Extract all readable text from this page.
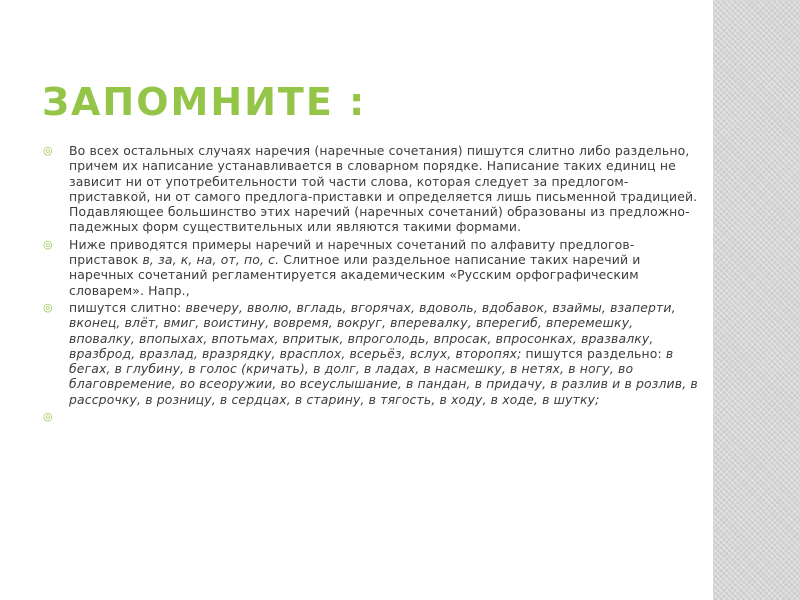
ЗАПОМНИТЕ :
◎ Во всех остальных случаях наречия (наречные сочетания) пишутся слитно либо раздельно, причем их написание устанавливается в словарном порядке. Написание таких единиц не зависит ни от употребительности той части слова, которая следует за предлогом-приставкой, ни от самого предлога-приставки и определяется лишь письменной традицией. Подавляющее большинство этих наречий (наречных сочетаний) образованы из предложно-падежных форм существительных или являются такими формами.
◎ Ниже приводятся примеры наречий и наречных сочетаний по алфавиту предлогов-приставок в, за, к, на, от, по, с. Слитное или раздельное написание таких наречий и наречных сочетаний регламентируется академическим «Русским орфографическим словарем». Напр.,
◎ пишутся слитно: ввечеру, вволю, вгладь, вгорячах, вдоволь, вдобавок, взаймы, взаперти, вконец, влёт, вмиг, воистину, вовремя, вокруг, вперевалку, вперегиб, вперемешку, вповалку, впопыхах, впотьмах, впритык, впроголодь, впросак, впросонках, вразвалку, вразброд, вразлад, вразрядку, врасплох, всерьёз, вслух, второпях; пишутся раздельно: в бегах, в глубину, в голос (кричать), в долг, в ладах, в насмешку, в нетях, в ногу, во благовремение, во всеоружии, во всеуслышание, в пандан, в придачу, в разлив и в розлив, в рассрочку, в розницу, в сердцах, в старину, в тягость, в ходу, в ходе, в шутку;
◎
